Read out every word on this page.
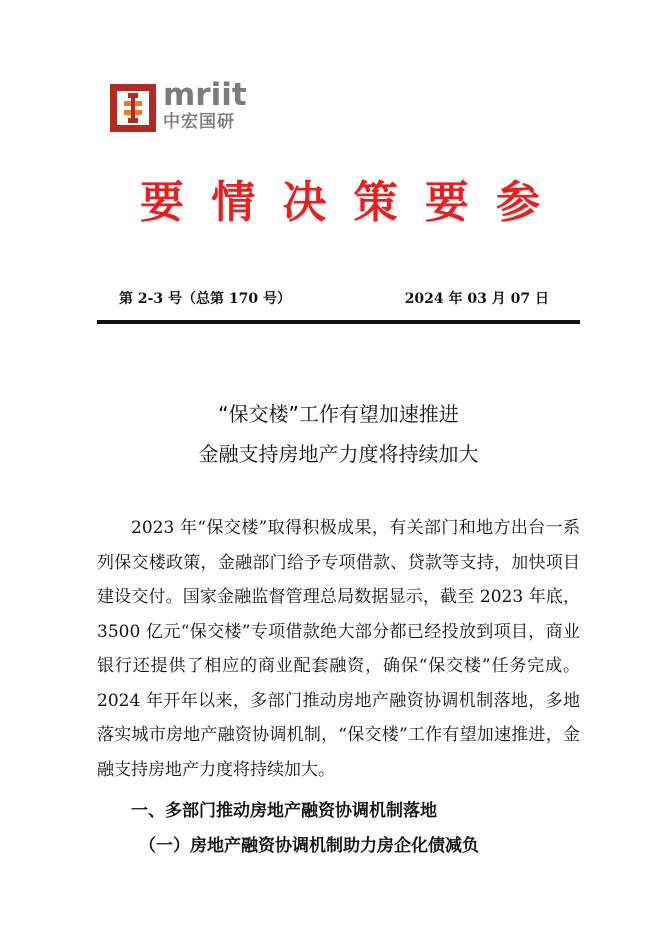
mriit
中宏国研
要情决策要参
第 2-3 号（总第 170 号）	2024 年 03 月 07 日
“保交楼”工作有望加速推进
金融支持房地产力度将持续加大

2023 年“保交楼”取得积极成果，有关部门和地方出台一系列保交楼政策，金融部门给予专项借款、贷款等支持，加快项目建设交付。国家金融监督管理总局数据显示，截至 2023 年底，3500 亿元“保交楼”专项借款绝大部分都已经投放到项目，商业银行还提供了相应的商业配套融资，确保“保交楼”任务完成。2024 年开年以来，多部门推动房地产融资协调机制落地，多地落实城市房地产融资协调机制，“保交楼”工作有望加速推进，金融支持房地产力度将持续加大。

一、多部门推动房地产融资协调机制落地
（一）房地产融资协调机制助力房企化债减负
